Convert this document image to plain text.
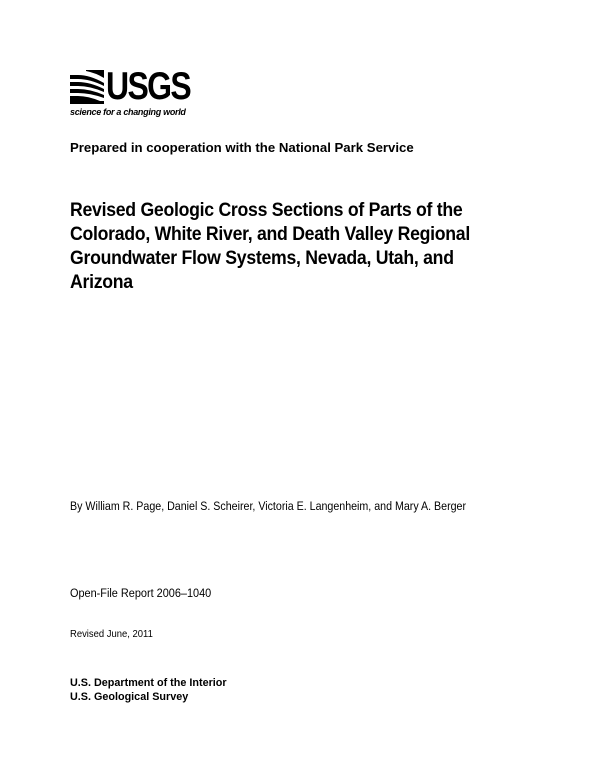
USGS
science for a changing world
Prepared in cooperation with the National Park Service
Revised Geologic Cross Sections of Parts of the
Colorado, White River, and Death Valley Regional
Groundwater Flow Systems, Nevada, Utah, and
Arizona
By William R. Page, Daniel S. Scheirer, Victoria E. Langenheim, and Mary A. Berger
Open-File Report 2006–1040
Revised June, 2011
U.S. Department of the Interior
U.S. Geological Survey
